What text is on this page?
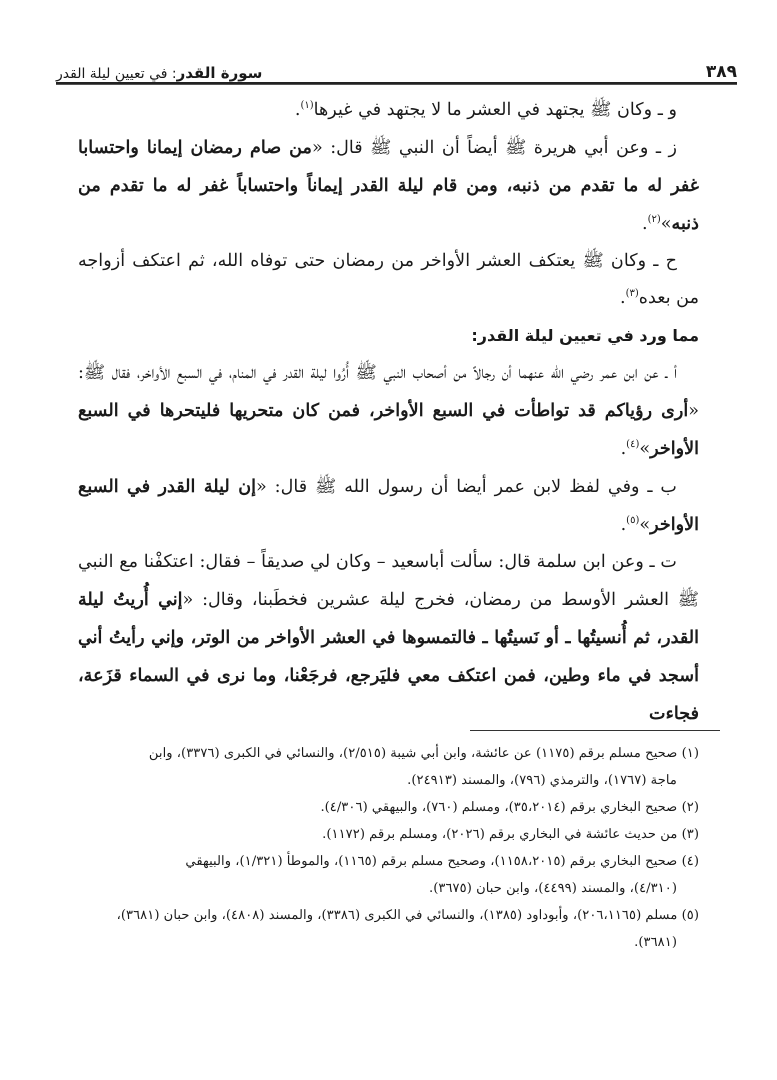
٣٨٩
سورة القدر: في تعيين ليلة القدر

و ـ وكان ﷺ يجتهد في العشر ما لا يجتهد في غيرها$^{(١)}$.

ز ـ وعن أبي هريرة ﷺ أيضاً أن النبي ﷺ قال: «من صام رمضان إيمانا واحتسابا غفر له ما تقدم من ذنبه، ومن قام ليلة القدر إيماناً واحتساباً غفر له ما تقدم من ذنبه»$^{(٢)}$.

ح ـ وكان ﷺ يعتكف العشر الأواخر من رمضان حتى توفاه الله، ثم اعتكف أزواجه من بعده$^{(٣)}$.

مما ورد في تعيين ليلة القدر:

أ ـ عن ابن عمر رضي الله عنهما أن رجالاً من أصحاب النبي ﷺ أُرُوا ليلة القدر في المنام، في السبع الأواخر، فقال ﷺ: «أرى رؤياكم قد تواطأت في السبع الأواخر، فمن كان متحريها فليتحرها في السبع الأواخر»$^{(٤)}$.

ب ـ وفي لفظ لابن عمر أيضا أن رسول الله ﷺ قال: «إن ليلة القدر في السبع الأواخر»$^{(٥)}$.

ت ـ وعن ابن سلمة قال: سألت أباسعيد – وكان لي صديقاً – فقال: اعتكفْنا مع النبي ﷺ العشر الأوسط من رمضان، فخرج ليلة عشرين فخطَبنا، وقال: «إني أُريتُ ليلة القدر، ثم أُنسيتُها ـ أو نَسيتُها ـ فالتمسوها في العشر الأواخر من الوتر، وإني رأيتُ أني أسجد في ماء وطين، فمن اعتكف معي فليَرجع، فرجَعْنا، وما نرى في السماء قزَعة، فجاءت

(١) صحيح مسلم برقم (١١٧٥) عن عائشة، وابن أبي شيبة (٢/٥١٥)، والنسائي في الكبرى (٣٣٧٦)، وابن

ماجة (١٧٦٧)، والترمذي (٧٩٦)، والمسند (٢٤٩١٣).

(٢) صحيح البخاري برقم (٣٥،٢٠١٤)، ومسلم (٧٦٠)، والبيهقي (٤/٣٠٦).

(٣) من حديث عائشة في البخاري برقم (٢٠٢٦)، ومسلم برقم (١١٧٢).

(٤) صحيح البخاري برقم (١١٥٨،٢٠١٥)، وصحيح مسلم برقم (١١٦٥)، والموطأ (١/٣٢١)، والبيهقي

(٤/٣١٠)، والمسند (٤٤٩٩)، وابن حبان (٣٦٧٥).

(٥) مسلم (٢٠٦،١١٦٥)، وأبوداود (١٣٨٥)، والنسائي في الكبرى (٣٣٨٦)، والمسند (٤٨٠٨)، وابن حبان (٣٦٨١)،

(٣٦٨١).
